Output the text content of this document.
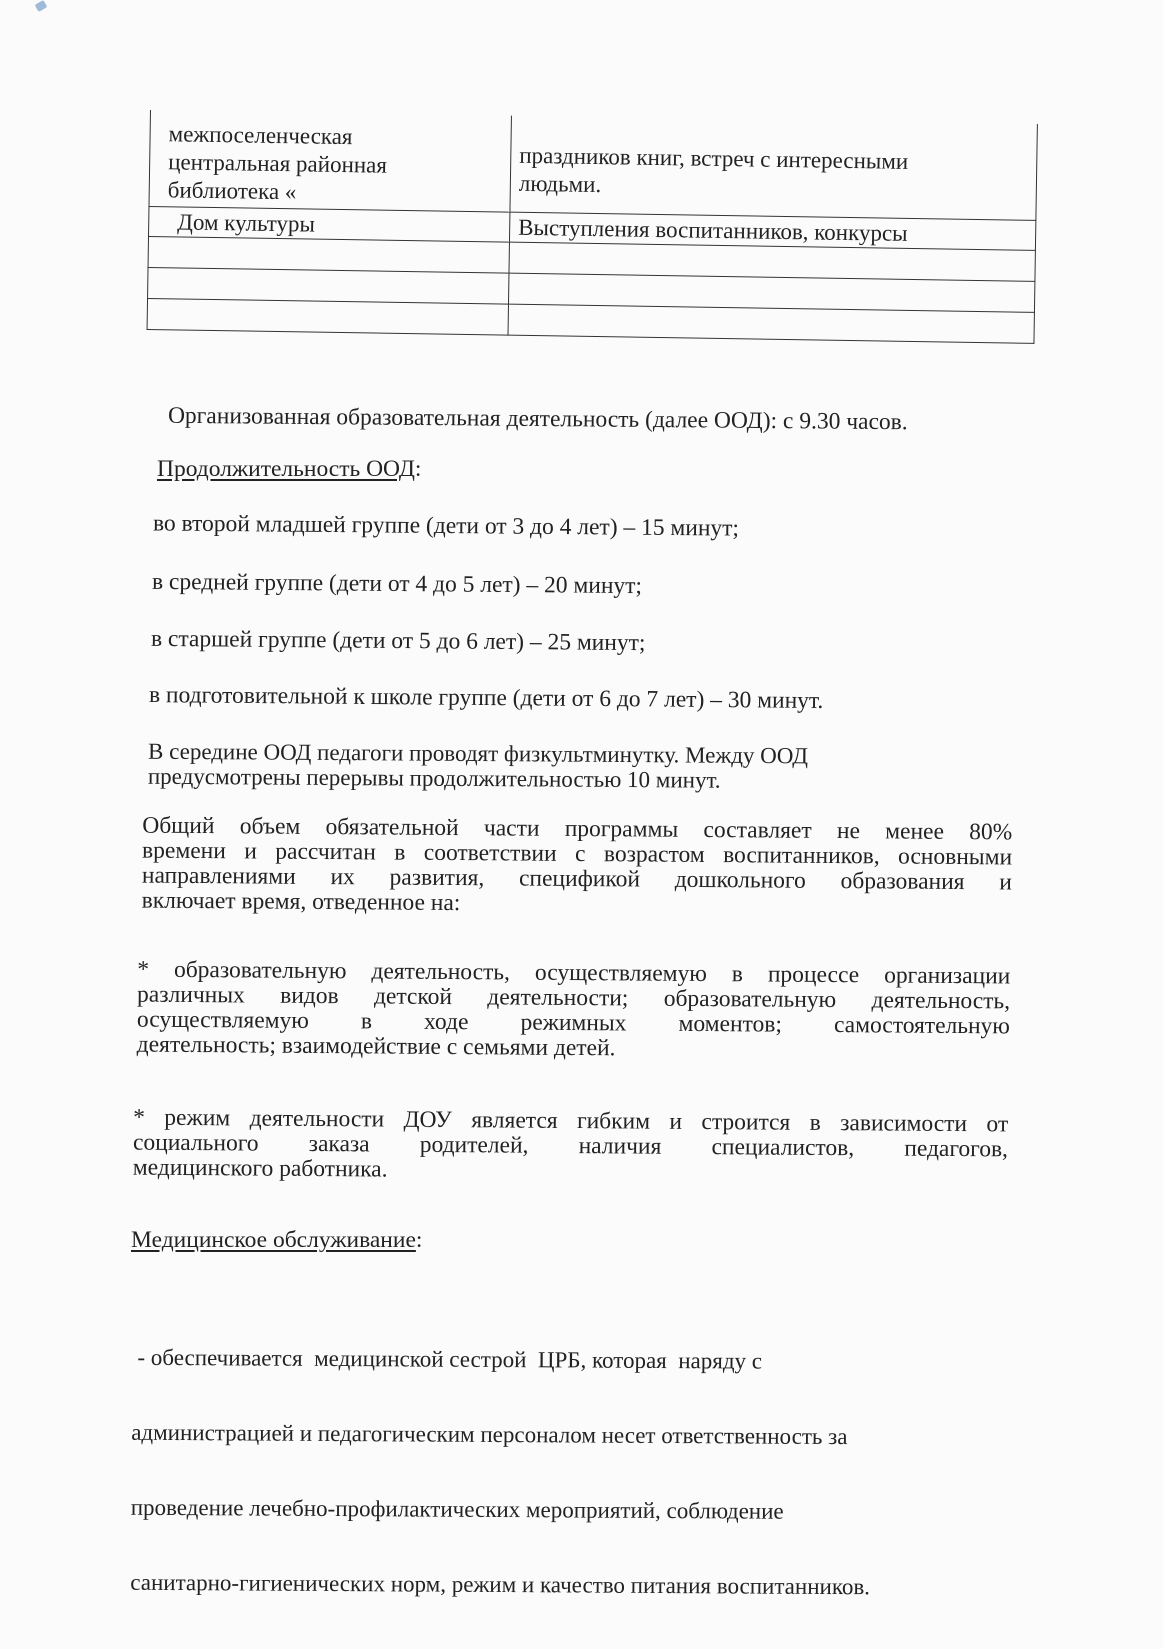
межпоселенческая
центральная районная
библиотека «	праздников книг, встреч с интересными
людьми.

Дом культуры	Выступления воспитанников, конкурсы

Организованная образовательная деятельность (далее ООД): с 9.30 часов.
Продолжительность ООД:
во второй младшей группе (дети от 3 до 4 лет) – 15 минут;
в средней группе (дети от 4 до 5 лет) – 20 минут;
в старшей группе (дети от 5 до 6 лет) – 25 минут;
в подготовительной к школе группе (дети от 6 до 7 лет) – 30 минут.
В середине ООД педагоги проводят физкультминутку. Между ООД
предусмотрены перерывы продолжительностью 10 минут.
Общий объем обязательной части программы составляет не менее 80%
времени и рассчитан в соответствии с возрастом воспитанников, основными
направлениями их развития, спецификой дошкольного образования и
включает время, отведенное на:
* образовательную деятельность, осуществляемую в процессе организации
различных видов детской деятельности; образовательную деятельность,
осуществляемую в ходе режимных моментов; самостоятельную
деятельность; взаимодействие с семьями детей.
* режим деятельности ДОУ является гибким и строится в зависимости от
социального заказа родителей, наличия специалистов, педагогов,
медицинского работника.
Медицинское обслуживание:

- обеспечивается  медицинской сестрой  ЦРБ, которая  наряду с

администрацией и педагогическим персоналом несет ответственность за

проведение лечебно-профилактических мероприятий, соблюдение

санитарно-гигиенических норм, режим и качество питания воспитанников.
